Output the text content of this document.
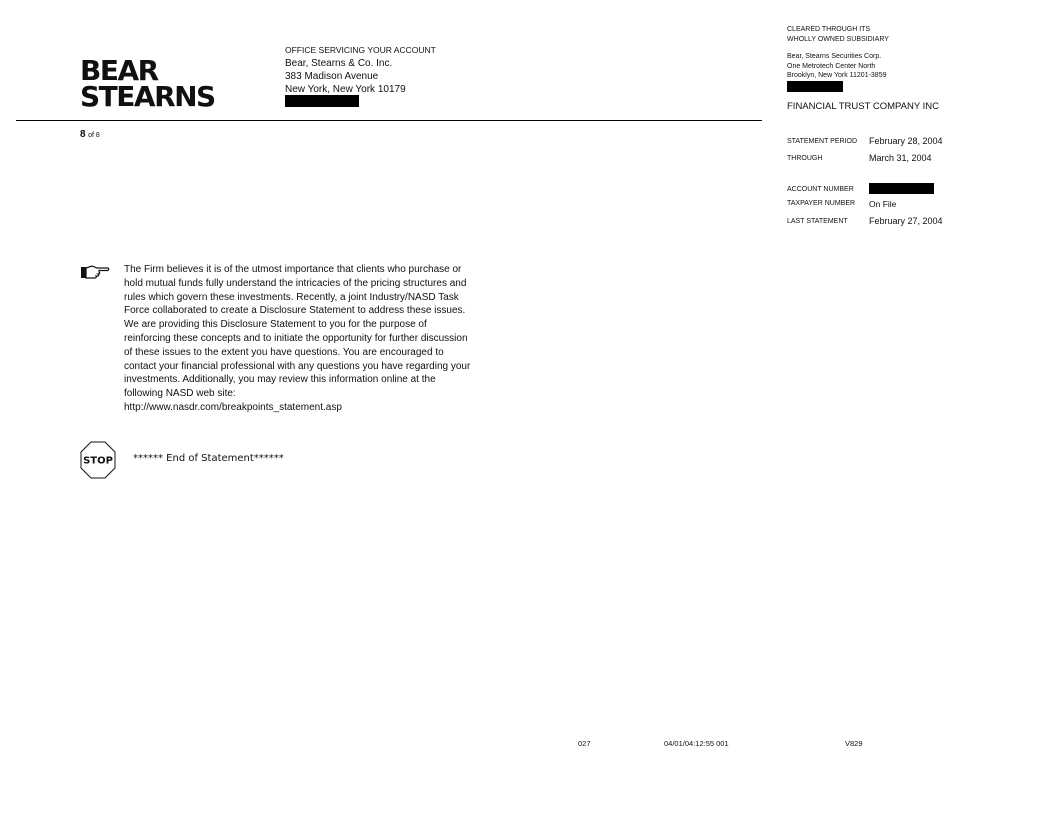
BEAR
STEARNS
OFFICE SERVICING YOUR ACCOUNT
Bear, Stearns & Co. Inc.
383 Madison Avenue
New York, New York 10179
8 of 8
CLEARED THROUGH ITS
WHOLLY OWNED SUBSIDIARY
Bear, Stearns Securities Corp.
One Metrotech Center North
Brooklyn, New York 11201-3859
FINANCIAL TRUST COMPANY INC
STATEMENT PERIOD February 28, 2004
THROUGH	March 31, 2004
ACCOUNT NUMBER
TAXPAYER NUMBER On File
LAST STATEMENT February 27, 2004
The Firm believes it is of the utmost importance that clients who purchase or
hold mutual funds fully understand the intricacies of the pricing structures and
rules which govern these investments. Recently, a joint Industry/NASD Task
Force collaborated to create a Disclosure Statement to address these issues.
We are providing this Disclosure Statement to you for the purpose of
reinforcing these concepts and to initiate the opportunity for further discussion
of these issues to the extent you have questions. You are encouraged to
contact your financial professional with any questions you have regarding your
investments. Additionally, you may review this information online at the
following NASD web site:
http://www.nasdr.com/breakpoints_statement.asp
STOP ****** End of Statement******
027	04/01/04:12:55 001	V829
